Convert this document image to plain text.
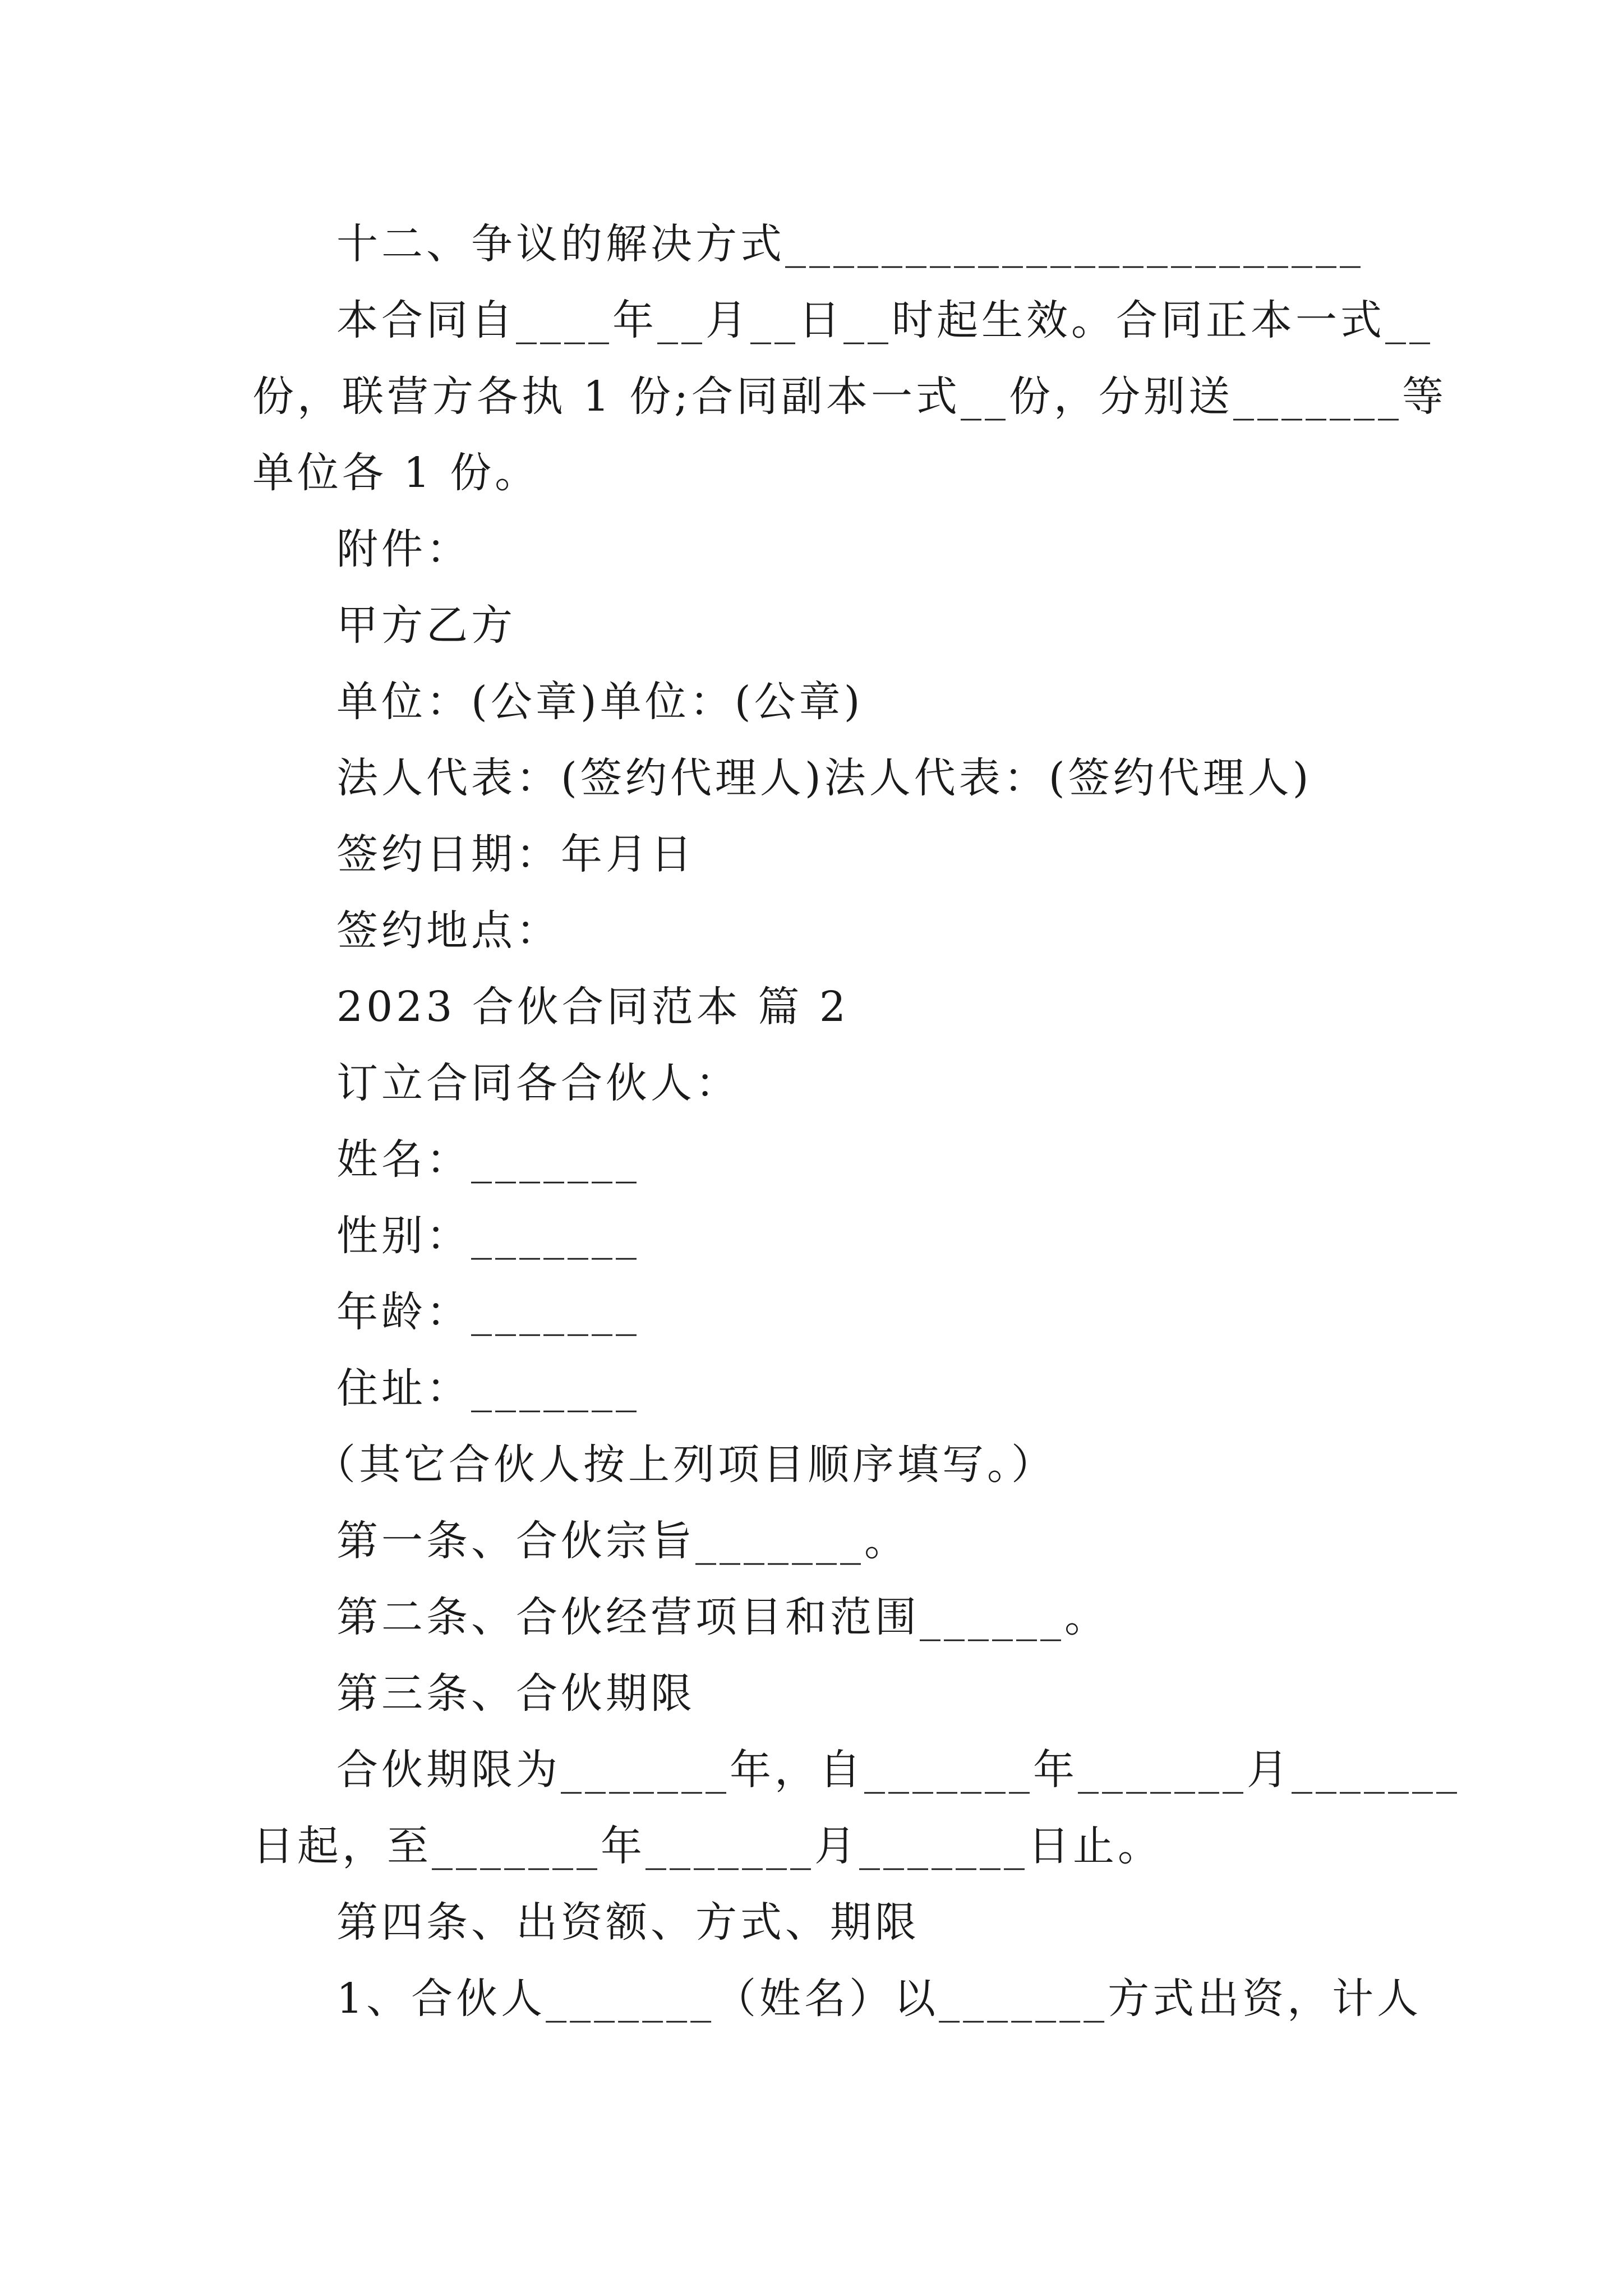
十二、争议的解决方式________________________
本合同自____年__月__日__时起生效。合同正本一式__
份，联营方各执 1 份;合同副本一式__份，分别送_______等
单位各 1 份。
附件：
甲方乙方
单位：(公章)单位：(公章)
法人代表：(签约代理人)法人代表：(签约代理人)
签约日期：年月日
签约地点：
2023 合伙合同范本 篇 2
订立合同各合伙人：
姓名：_______
性别：_______
年龄：_______
住址：_______
（其它合伙人按上列项目顺序填写。）
第一条、合伙宗旨_______。
第二条、合伙经营项目和范围______。
第三条、合伙期限
合伙期限为_______年，自_______年_______月_______
日起，至_______年_______月_______日止。
第四条、出资额、方式、期限
1、合伙人_______（姓名）以_______方式出资，计人
